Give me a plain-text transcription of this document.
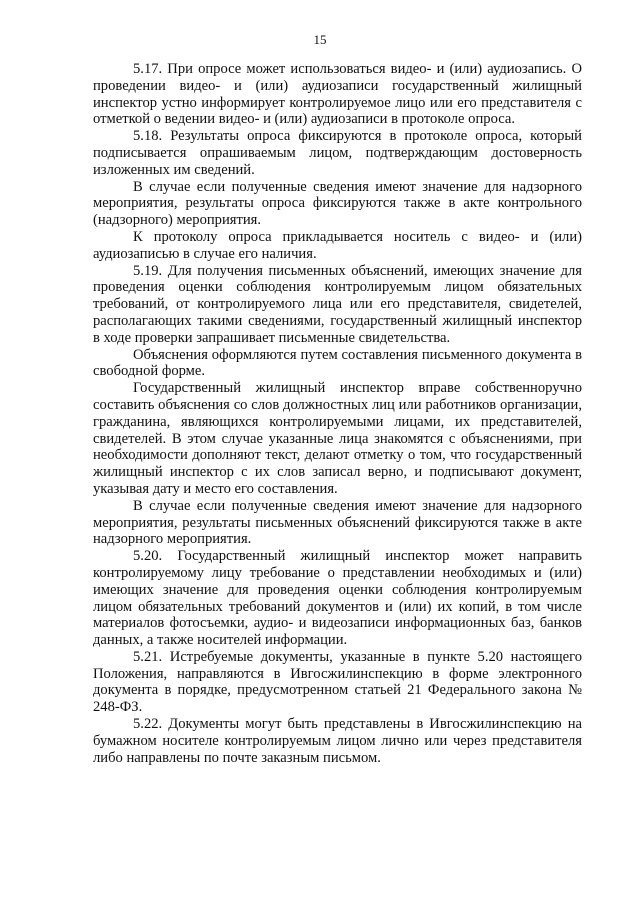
15

5.17. При опросе может использоваться видео- и (или) аудиозапись. О проведении видео- и (или) аудиозаписи государственный жилищный инспектор устно информирует контролируемое лицо или его представителя с отметкой о ведении видео- и (или) аудиозаписи в протоколе опроса.

5.18. Результаты опроса фиксируются в протоколе опроса, который подписывается опрашиваемым лицом, подтверждающим достоверность изложенных им сведений.

В случае если полученные сведения имеют значение для надзорного мероприятия, результаты опроса фиксируются также в акте контрольного (надзорного) мероприятия.

К протоколу опроса прикладывается носитель с видео- и (или) аудиозаписью в случае его наличия.

5.19. Для получения письменных объяснений, имеющих значение для проведения оценки соблюдения контролируемым лицом обязательных требований, от контролируемого лица или его представителя, свидетелей, располагающих такими сведениями, государственный жилищный инспектор в ходе проверки запрашивает письменные свидетельства.

Объяснения оформляются путем составления письменного документа в свободной форме.

Государственный жилищный инспектор вправе собственноручно составить объяснения со слов должностных лиц или работников организации, гражданина, являющихся контролируемыми лицами, их представителей, свидетелей. В этом случае указанные лица знакомятся с объяснениями, при необходимости дополняют текст, делают отметку о том, что государственный жилищный инспектор с их слов записал верно, и подписывают документ, указывая дату и место его составления.

В случае если полученные сведения имеют значение для надзорного мероприятия, результаты письменных объяснений фиксируются также в акте надзорного мероприятия.

5.20. Государственный жилищный инспектор может направить контролируемому лицу требование о представлении необходимых и (или) имеющих значение для проведения оценки соблюдения контролируемым лицом обязательных требований документов и (или) их копий, в том числе материалов фотосъемки, аудио- и видеозаписи информационных баз, банков данных, а также носителей информации.

5.21. Истребуемые документы, указанные в пункте 5.20 настоящего Положения, направляются в Ивгосжилинспекцию в форме электронного документа в порядке, предусмотренном статьей 21 Федерального закона № 248-ФЗ.

5.22. Документы могут быть представлены в Ивгосжилинспекцию на бумажном носителе контролируемым лицом лично или через представителя либо направлены по почте заказным письмом.
